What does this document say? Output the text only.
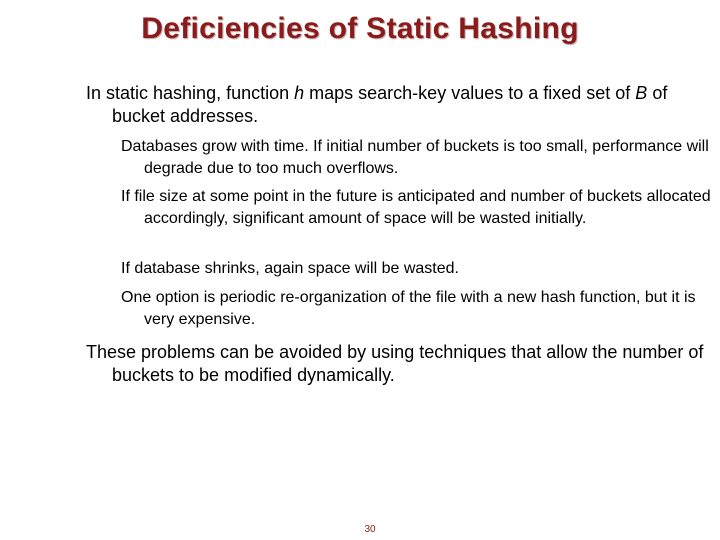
Deficiencies of Static Hashing

In static hashing, function h maps search-key values to a fixed set of B of bucket addresses.

Databases grow with time. If initial number of buckets is too small, performance will degrade due to too much overflows.

If file size at some point in the future is anticipated and number of buckets allocated accordingly, significant amount of space will be wasted initially.

If database shrinks, again space will be wasted.

One option is periodic re-organization of the file with a new hash function, but it is very expensive.

These problems can be avoided by using techniques that allow the number of buckets to be modified dynamically.

30
